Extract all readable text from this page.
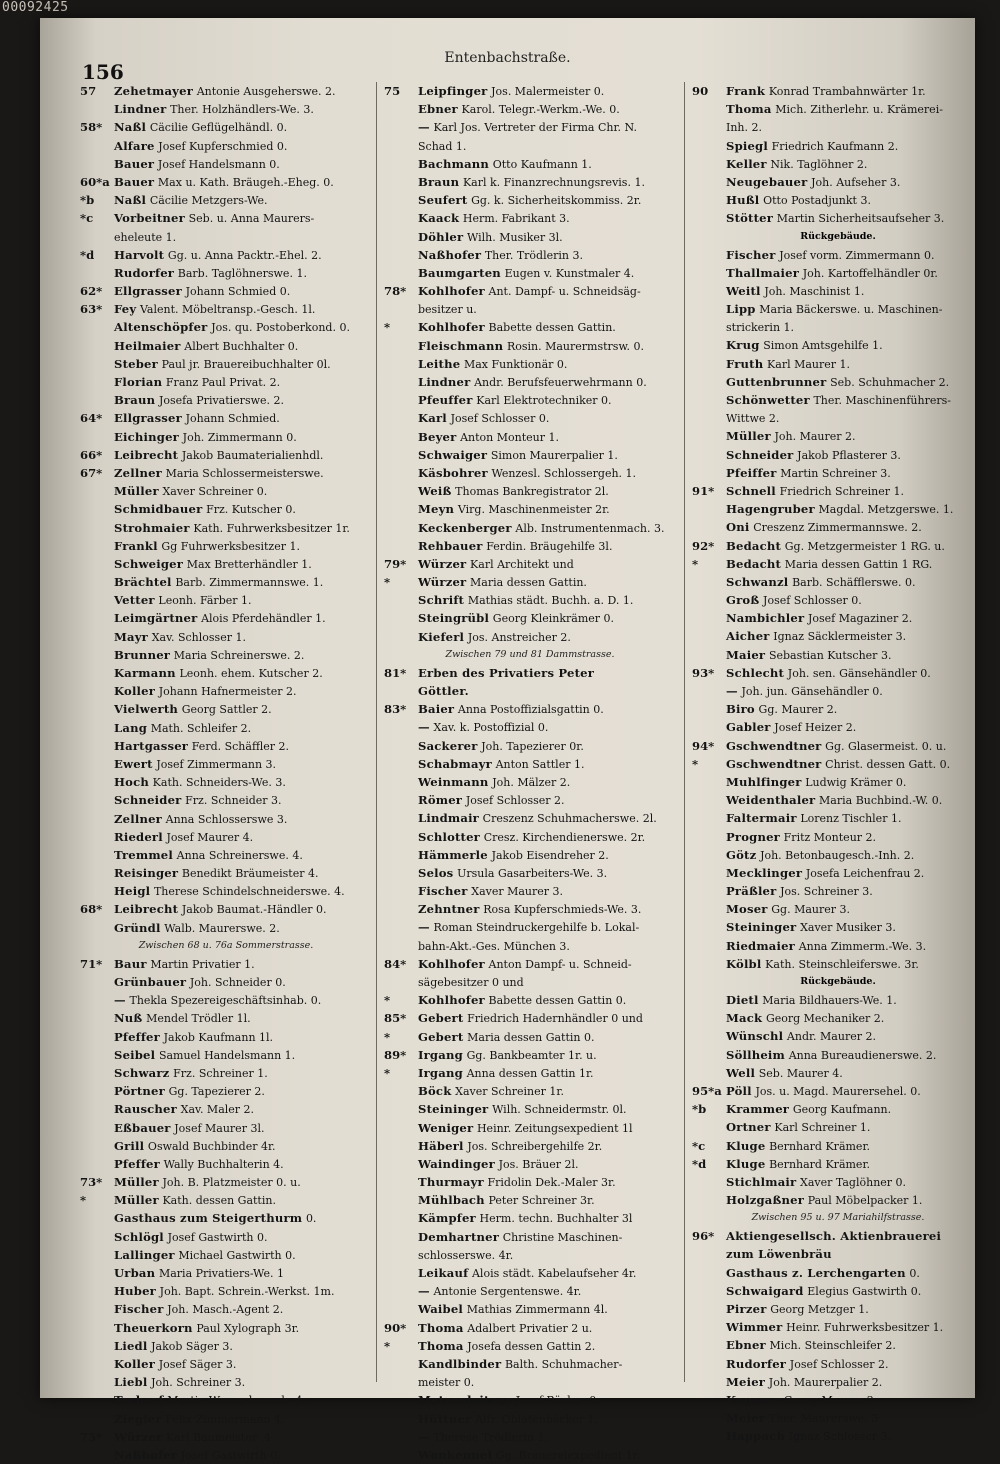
00092425
156
Entenbachstraße.
57 Zehetmayer Antonie Ausgeherswe. 2.
Lindner Ther. Holzhändlers-We. 3.
58* Naßl Cäcilie Geflügelhändl. 0.
Alfare Josef Kupferschmied 0.
Bauer Josef Handelsmann 0.
60*a Bauer Max u. Kath. Bräugeh.-Eheg. 0.
*b Naßl Cäcilie Metzgers-We.
*c Vorbeitner Seb. u. Anna Maurers-
eheleute 1.
*d Harvolt Gg. u. Anna Packtr.-Ehel. 2.
Rudorfer Barb. Taglöhnerswe. 1.
62* Ellgrasser Johann Schmied 0.
63* Fey Valent. Möbeltransp.-Gesch. 1l.
Altenschöpfer Jos. qu. Postoberkond. 0.
Heilmaier Albert Buchhalter 0.
Steber Paul jr. Brauereibuchhalter 0l.
Florian Franz Paul Privat. 2.
Braun Josefa Privatierswe. 2.
64* Ellgrasser Johann Schmied.
Eichinger Joh. Zimmermann 0.
66* Leibrecht Jakob Baumaterialienhdl.
67* Zellner Maria Schlossermeisterswe.
Müller Xaver Schreiner 0.
Schmidbauer Frz. Kutscher 0.
Strohmaier Kath. Fuhrwerksbesitzer 1r.
Frankl Gg Fuhrwerksbesitzer 1.
Schweiger Max Bretterhändler 1.
Brächtel Barb. Zimmermannswe. 1.
Vetter Leonh. Färber 1.
Leimgärtner Alois Pferdehändler 1.
Mayr Xav. Schlosser 1.
Brunner Maria Schreinerswe. 2.
Karmann Leonh. ehem. Kutscher 2.
Koller Johann Hafnermeister 2.
Vielwerth Georg Sattler 2.
Lang Math. Schleifer 2.
Hartgasser Ferd. Schäffler 2.
Ewert Josef Zimmermann 3.
Hoch Kath. Schneiders-We. 3.
Schneider Frz. Schneider 3.
Zellner Anna Schlosserswe 3.
Riederl Josef Maurer 4.
Tremmel Anna Schreinerswe. 4.
Reisinger Benedikt Bräumeister 4.
Heigl Therese Schindelschneiderswe. 4.
68* Leibrecht Jakob Baumat.-Händler 0.
Gründl Walb. Maurerswe. 2.
Zwischen 68 u. 76a Sommerstrasse.
71* Baur Martin Privatier 1.
Grünbauer Joh. Schneider 0.
— Thekla Spezereigeschäftsinhab. 0.
Nuß Mendel Trödler 1l.
Pfeffer Jakob Kaufmann 1l.
Seibel Samuel Handelsmann 1.
Schwarz Frz. Schreiner 1.
Pörtner Gg. Tapezierer 2.
Rauscher Xav. Maler 2.
Eßbauer Josef Maurer 3l.
Grill Oswald Buchbinder 4r.
Pfeffer Wally Buchhalterin 4.
73* Müller Joh. B. Platzmeister 0. u.
* Müller Kath. dessen Gattin.
Gasthaus zum Steigerthurm 0.
Schlögl Josef Gastwirth 0.
Lallinger Michael Gastwirth 0.
Urban Maria Privatiers-We. 1
Huber Joh. Bapt. Schrein.-Werkst. 1m.
Fischer Joh. Masch.-Agent 2.
Theuerkorn Paul Xylograph 3r.
Liedl Jakob Säger 3.
Koller Josef Säger 3.
Liebl Joh. Schreiner 3.
Tscharf Martin Wasserbauarb. 4r.
Ziegler Felix Zimmermann 4.
75* Würzer Karl Baumeister .4
Naßhofer Josef Gastwirth 0.
75 Leipfinger Jos. Malermeister 0.
Ebner Karol. Telegr.-Werkm.-We. 0.
— Karl Jos. Vertreter der Firma Chr. N.
Schad 1.
Bachmann Otto Kaufmann 1.
Braun Karl k. Finanzrechnungsrevis. 1.
Seufert Gg. k. Sicherheitskommiss. 2r.
Kaack Herm. Fabrikant 3.
Döhler Wilh. Musiker 3l.
Naßhofer Ther. Trödlerin 3.
Baumgarten Eugen v. Kunstmaler 4.
78* Kohlhofer Ant. Dampf- u. Schneidsäg-
besitzer u.
* Kohlhofer Babette dessen Gattin.
Fleischmann Rosin. Maurermstrsw. 0.
Leithe Max Funktionär 0.
Lindner Andr. Berufsfeuerwehrmann 0.
Pfeuffer Karl Elektrotechniker 0.
Karl Josef Schlosser 0.
Beyer Anton Monteur 1.
Schwaiger Simon Maurerpalier 1.
Käsbohrer Wenzesl. Schlossergeh. 1.
Weiß Thomas Bankregistrator 2l.
Meyn Virg. Maschinenmeister 2r.
Keckenberger Alb. Instrumentenmach. 3.
Rehbauer Ferdin. Bräugehilfe 3l.
79* Würzer Karl Architekt und
* Würzer Maria dessen Gattin.
Schrift Mathias städt. Buchh. a. D. 1.
Steingrübl Georg Kleinkrämer 0.
Kieferl Jos. Anstreicher 2.
Zwischen 79 und 81 Dammstrasse.
81* Erben des Privatiers Peter
Göttler.
83* Baier Anna Postoffizialsgattin 0.
— Xav. k. Postoffizial 0.
Sackerer Joh. Tapezierer 0r.
Schabmayr Anton Sattler 1.
Weinmann Joh. Mälzer 2.
Römer Josef Schlosser 2.
Lindmair Creszenz Schuhmacherswe. 2l.
Schlotter Cresz. Kirchendienerswe. 2r.
Hämmerle Jakob Eisendreher 2.
Selos Ursula Gasarbeiters-We. 3.
Fischer Xaver Maurer 3.
Zehntner Rosa Kupferschmieds-We. 3.
— Roman Steindruckergehilfe b. Lokal-
bahn-Akt.-Ges. München 3.
84* Kohlhofer Anton Dampf- u. Schneid-
sägebesitzer 0 und
* Kohlhofer Babette dessen Gattin 0.
85* Gebert Friedrich Hadernhändler 0 und
* Gebert Maria dessen Gattin 0.
89* Irgang Gg. Bankbeamter 1r. u.
* Irgang Anna dessen Gattin 1r.
Böck Xaver Schreiner 1r.
Steininger Wilh. Schneidermstr. 0l.
Weniger Heinr. Zeitungsexpedient 1l
Häberl Jos. Schreibergehilfe 2r.
Waindinger Jos. Bräuer 2l.
Thurmayr Fridolin Dek.-Maler 3r.
Mühlbach Peter Schreiner 3r.
Kämpfer Herm. techn. Buchhalter 3l
Demhartner Christine Maschinen-
schlosserswe. 4r.
Leikauf Alois städt. Kabelaufseher 4r.
— Antonie Sergentenswe. 4r.
Waibel Mathias Zimmermann 4l.
90* Thoma Adalbert Privatier 2 u.
* Thoma Josefa dessen Gattin 2.
Kandlbinder Balth. Schuhmacher-
meister 0.
Metzenleitner Josef Bäcker 0.
Hüttner Alfr. Oblatenbäcker 1.
— Therese Trödlerin 1.
Wonkennel Gg. Brauereiexpedient 1r.
90 Frank Konrad Trambahnwärter 1r.
Thoma Mich. Zitherlehr. u. Krämerei-
Inh. 2.
Spiegl Friedrich Kaufmann 2.
Keller Nik. Taglöhner 2.
Neugebauer Joh. Aufseher 3.
Hußl Otto Postadjunkt 3.
Stötter Martin Sicherheitsaufseher 3.
Rückgebäude.
Fischer Josef vorm. Zimmermann 0.
Thallmaier Joh. Kartoffelhändler 0r.
Weitl Joh. Maschinist 1.
Lipp Maria Bäckerswe. u. Maschinen-
strickerin 1.
Krug Simon Amtsgehilfe 1.
Fruth Karl Maurer 1.
Guttenbrunner Seb. Schuhmacher 2.
Schönwetter Ther. Maschinenführers-
Wittwe 2.
Müller Joh. Maurer 2.
Schneider Jakob Pflasterer 3.
Pfeiffer Martin Schreiner 3.
91* Schnell Friedrich Schreiner 1.
Hagengruber Magdal. Metzgerswe. 1.
Oni Creszenz Zimmermannswe. 2.
92* Bedacht Gg. Metzgermeister 1 RG. u.
* Bedacht Maria dessen Gattin 1 RG.
Schwanzl Barb. Schäfflerswe. 0.
Groß Josef Schlosser 0.
Nambichler Josef Magaziner 2.
Aicher Ignaz Säcklermeister 3.
Maier Sebastian Kutscher 3.
93* Schlecht Joh. sen. Gänsehändler 0.
— Joh. jun. Gänsehändler 0.
Biro Gg. Maurer 2.
Gabler Josef Heizer 2.
94* Gschwendtner Gg. Glasermeist. 0. u.
* Gschwendtner Christ. dessen Gatt. 0.
Muhlfinger Ludwig Krämer 0.
Weidenthaler Maria Buchbind.-W. 0.
Faltermair Lorenz Tischler 1.
Progner Fritz Monteur 2.
Götz Joh. Betonbaugesch.-Inh. 2.
Mecklinger Josefa Leichenfrau 2.
Präßler Jos. Schreiner 3.
Moser Gg. Maurer 3.
Steininger Xaver Musiker 3.
Riedmaier Anna Zimmerm.-We. 3.
Kölbl Kath. Steinschleiferswe. 3r.
Rückgebäude.
Dietl Maria Bildhauers-We. 1.
Mack Georg Mechaniker 2.
Wünschl Andr. Maurer 2.
Söllheim Anna Bureaudienerswe. 2.
Well Seb. Maurer 4.
95*a Pöll Jos. u. Magd. Maurersehel. 0.
*b Krammer Georg Kaufmann.
Ortner Karl Schreiner 1.
*c Kluge Bernhard Krämer.
*d Kluge Bernhard Krämer.
Stichlmair Xaver Taglöhner 0.
Holzgaßner Paul Möbelpacker 1.
Zwischen 95 u. 97 Mariahilfstrasse.
96* Aktiengesellsch. Aktienbrauerei
zum Löwenbräu
Gasthaus z. Lerchengarten 0.
Schwaigard Elegius Gastwirth 0.
Pirzer Georg Metzger 1.
Wimmer Heinr. Fuhrwerksbesitzer 1.
Ebner Mich. Steinschleifer 2.
Rudorfer Josef Schlosser 2.
Meier Joh. Maurerpalier 2.
Kagerer Georg Maurer 2.
Meier Ther. Maurerswe. 3
Happach Ignaz Schlosser 3.
